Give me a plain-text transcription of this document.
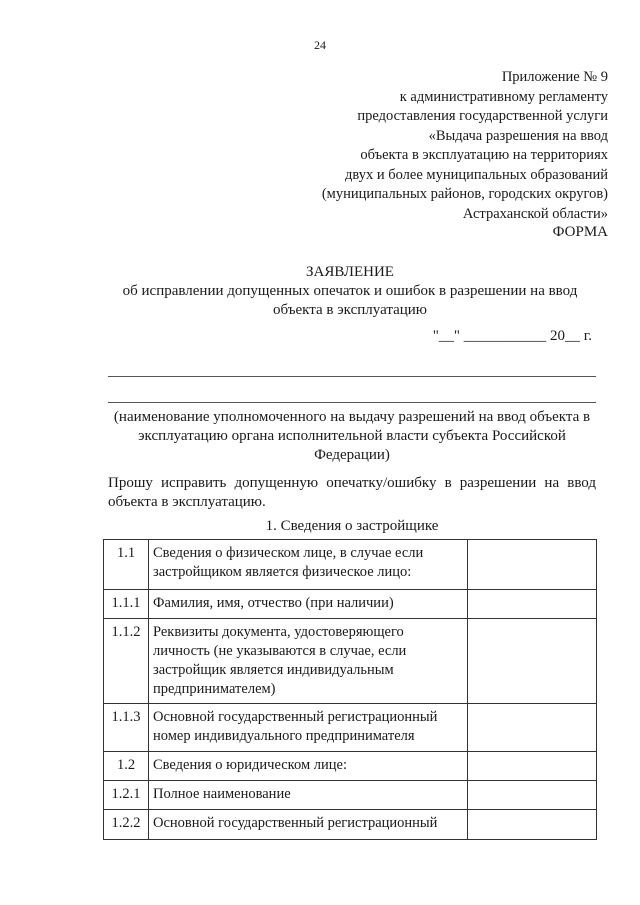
24
Приложение № 9
к административному регламенту
предоставления государственной услуги
«Выдача разрешения на ввод
объекта в эксплуатацию на территориях
двух и более муниципальных образований
(муниципальных районов, городских округов)
Астраханской области»
ФОРМА
ЗАЯВЛЕНИЕ
об исправлении допущенных опечаток и ошибок в разрешении на ввод
объекта в эксплуатацию
"__" ___________ 20__ г.
(наименование уполномоченного на выдачу разрешений на ввод объекта в
эксплуатацию органа исполнительной власти субъекта Российской
Федерации)
Прошу исправить допущенную опечатку/ошибку в разрешении на ввод
объекта в эксплуатацию.
1. Сведения о застройщике
1.1	Сведения о физическом лице, в случае если застройщиком является физическое лицо:	
1.1.1	Фамилия, имя, отчество (при наличии)	
1.1.2	Реквизиты документа, удостоверяющего личность (не указываются в случае, если застройщик является индивидуальным предпринимателем)	
1.1.3	Основной государственный регистрационный номер индивидуального предпринимателя	
1.2	Сведения о юридическом лице:	
1.2.1	Полное наименование	
1.2.2	Основной государственный регистрационный	
